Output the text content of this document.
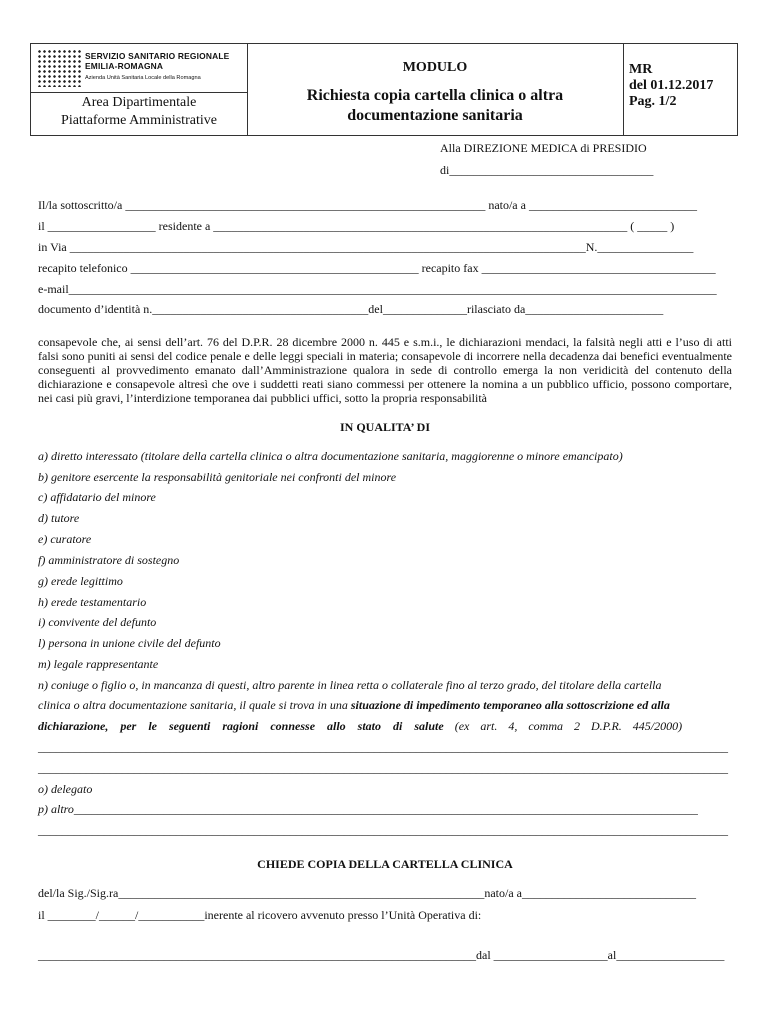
SERVIZIO SANITARIO REGIONALE
EMILIA-ROMAGNA
Azienda Unità Sanitaria Locale della Romagna
Area Dipartimentale
Piattaforme Amministrative
MODULO
Richiesta copia cartella clinica o altra
documentazione sanitaria
MR
del 01.12.2017
Pag. 1/2
Alla DIREZIONE MEDICA di PRESIDIO
di__________________________________
Il/la sottoscritto/a ____________________________________________________________ nato/a a ____________________________
il __________________ residente a _____________________________________________________________________ ( _____ )
in Via ______________________________________________________________________________________N.________________
recapito telefonico ________________________________________________ recapito fax _______________________________________
e-mail____________________________________________________________________________________________________________
documento d’identità n.____________________________________del______________rilasciato da_______________________
consapevole che, ai sensi dell’art. 76 del D.P.R. 28 dicembre 2000 n. 445 e s.m.i., le dichiarazioni mendaci, la falsità negli atti e l’uso di atti falsi sono puniti ai sensi del codice penale e delle leggi speciali in materia; consapevole di incorrere nella decadenza dai benefici eventualmente conseguenti al provvedimento emanato dall’Amministrazione qualora in sede di controllo emerga la non veridicità del contenuto della dichiarazione e consapevole altresì che ove i suddetti reati siano commessi per ottenere la nomina a un pubblico ufficio, possono comportare, nei casi più gravi, l’interdizione temporanea dai pubblici uffici, sotto la propria responsabilità
IN QUALITA’ DI
a) diretto interessato (titolare della cartella clinica o altra documentazione sanitaria, maggiorenne o minore emancipato)
b) genitore esercente la responsabilità genitoriale nei confronti del minore
c) affidatario del minore
d) tutore
e) curatore
f) amministratore di sostegno
g) erede legittimo
h) erede testamentario
i) convivente del defunto
l) persona in unione civile del defunto
m) legale rappresentante
n) coniuge o figlio o, in mancanza di questi, altro parente in linea retta o collaterale fino al terzo grado, del titolare della cartella
clinica o altra documentazione sanitaria, il quale si trova in una situazione di impedimento temporaneo alla sottoscrizione ed alla
dichiarazione, per le seguenti ragioni connesse allo stato di salute (ex art. 4, comma 2 D.P.R. 445/2000)
___________________________________________________________________________________________________________________
___________________________________________________________________________________________________________________
o) delegato
p) altro________________________________________________________________________________________________________
___________________________________________________________________________________________________________________
CHIEDE COPIA DELLA CARTELLA CLINICA
del/la Sig./Sig.ra_____________________________________________________________nato/a a_____________________________
il ________/______/___________inerente al ricovero avvenuto presso l’Unità Operativa di:
_________________________________________________________________________dal ___________________al__________________
